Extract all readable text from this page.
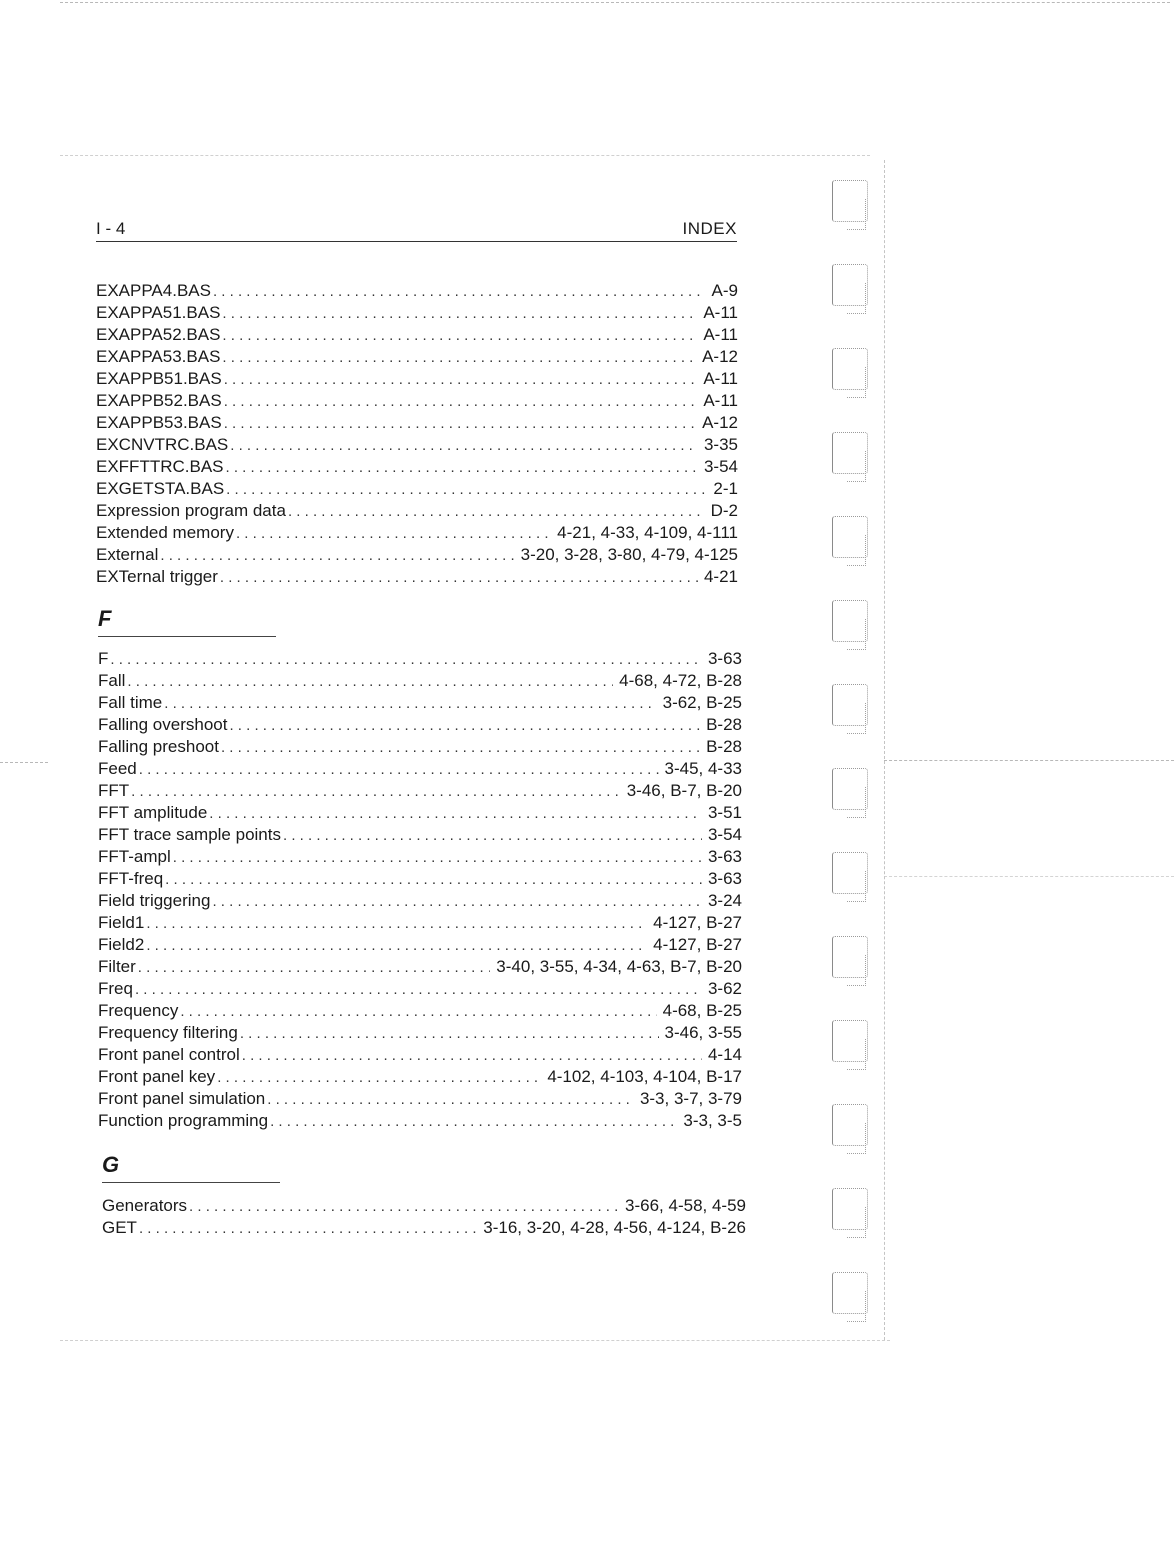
I - 4	INDEX
EXAPPA4.BAS . . .	A-9
EXAPPA51.BAS . . .	A-11
EXAPPA52.BAS . . .	A-11
EXAPPA53.BAS . . .	A-12
EXAPPB51.BAS . . .	A-11
EXAPPB52.BAS . . .	A-11
EXAPPB53.BAS . . .	A-12
EXCNVTRC.BAS . . .	3-35
EXFFTTRC.BAS . . .	3-54
EXGETSTA.BAS . . .	2-1
Expression program data . . .	D-2
Extended memory . . .	4-21, 4-33, 4-109, 4-111
External . . .	3-20, 3-28, 3-80, 4-79, 4-125
EXTernal trigger . . .	4-21
F
F . . .	3-63
Fall . . .	4-68, 4-72, B-28
Fall time . . .	3-62, B-25
Falling overshoot . . .	B-28
Falling preshoot . . .	B-28
Feed . . .	3-45, 4-33
FFT . . .	3-46, B-7, B-20
FFT amplitude . . .	3-51
FFT trace sample points . . .	3-54
FFT-ampl . . .	3-63
FFT-freq . . .	3-63
Field triggering . . .	3-24
Field1 . . .	4-127, B-27
Field2 . . .	4-127, B-27
Filter . . .	3-40, 3-55, 4-34, 4-63, B-7, B-20
Freq . . .	3-62
Frequency . . .	4-68, B-25
Frequency filtering . . .	3-46, 3-55
Front panel control . . .	4-14
Front panel key . . .	4-102, 4-103, 4-104, B-17
Front panel simulation . . .	3-3, 3-7, 3-79
Function programming . . .	3-3, 3-5
G
Generators . . .	3-66, 4-58, 4-59
GET . . .	3-16, 3-20, 4-28, 4-56, 4-124, B-26
